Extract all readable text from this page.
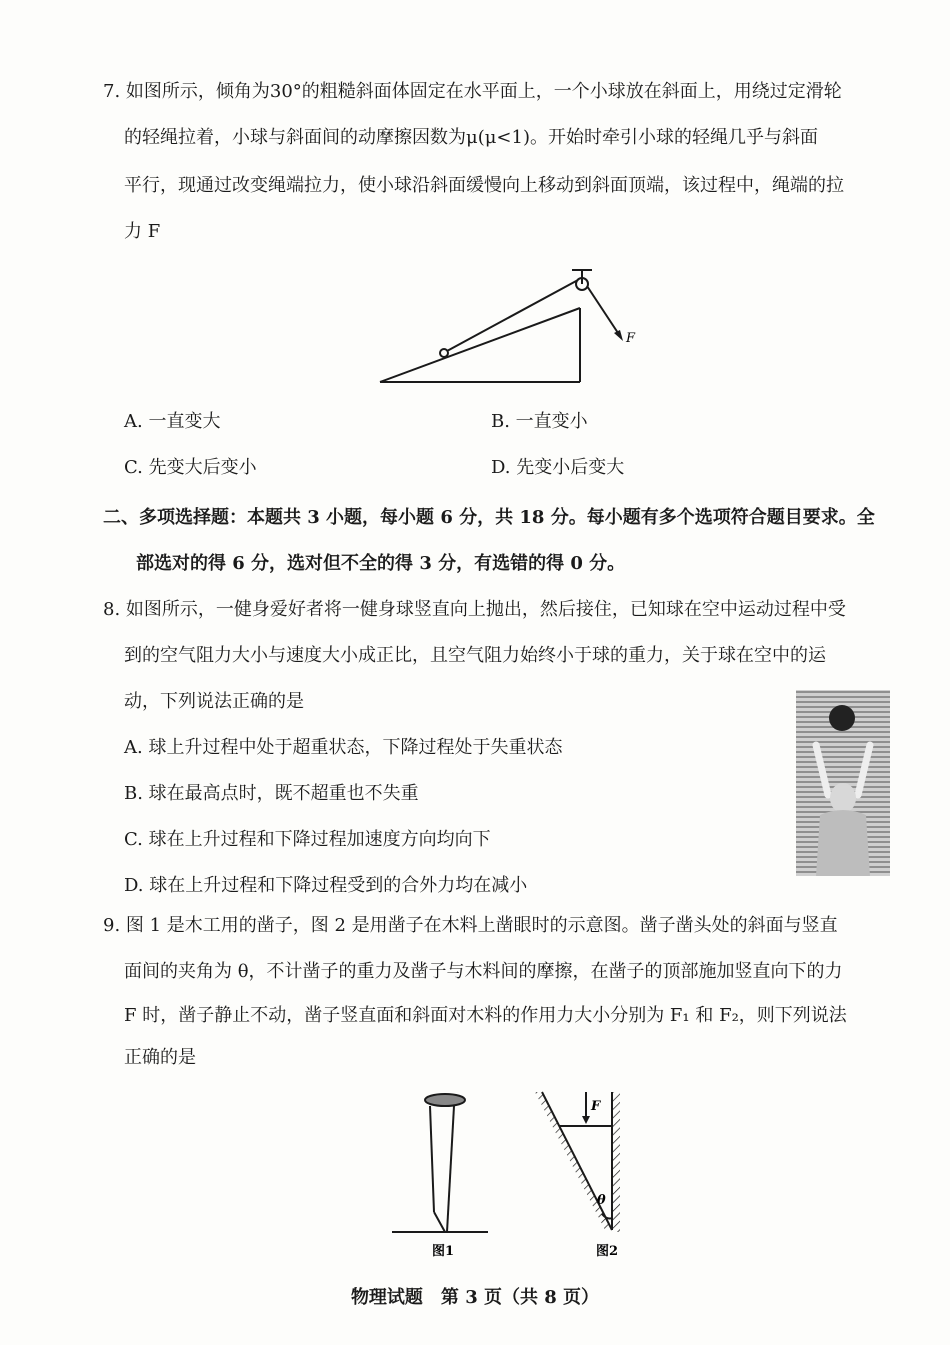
7. 如图所示，倾角为30°的粗糙斜面体固定在水平面上，一个小球放在斜面上，用绕过定滑轮
的轻绳拉着，小球与斜面间的动摩擦因数为μ(μ<1)。开始时牵引小球的轻绳几乎与斜面
平行，现通过改变绳端拉力，使小球沿斜面缓慢向上移动到斜面顶端，该过程中，绳端的拉
力 F
F
A. 一直变大	B. 一直变小
C. 先变大后变小	D. 先变小后变大
二、多项选择题：本题共 3 小题，每小题 6 分，共 18 分。每小题有多个选项符合题目要求。全
部选对的得 6 分，选对但不全的得 3 分，有选错的得 0 分。
8. 如图所示，一健身爱好者将一健身球竖直向上抛出，然后接住，已知球在空中运动过程中受
到的空气阻力大小与速度大小成正比，且空气阻力始终小于球的重力，关于球在空中的运
动，下列说法正确的是
A. 球上升过程中处于超重状态，下降过程处于失重状态
B. 球在最高点时，既不超重也不失重
C. 球在上升过程和下降过程加速度方向均向下
D. 球在上升过程和下降过程受到的合外力均在减小
9. 图 1 是木工用的凿子，图 2 是用凿子在木料上凿眼时的示意图。凿子凿头处的斜面与竖直
面间的夹角为 θ，不计凿子的重力及凿子与木料间的摩擦，在凿子的顶部施加竖直向下的力
F 时，凿子静止不动，凿子竖直面和斜面对木料的作用力大小分别为 F₁ 和 F₂，则下列说法
正确的是
图1
F
θ
图2
物理试题　第 3 页（共 8 页）
